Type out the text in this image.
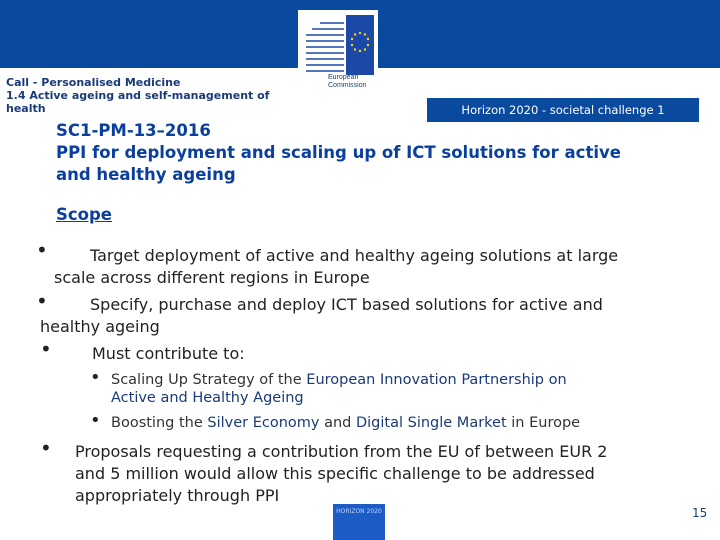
European
Commission
Call - Personalised Medicine
1.4 Active ageing and self-management of
health	Horizon 2020 - societal challenge 1
SC1-PM-13–2016
PPI for deployment and scaling up of ICT solutions for active
and healthy ageing
Scope
•	Target deployment of active and healthy ageing solutions at large
scale across different regions in Europe
•	Specify, purchase and deploy ICT based solutions for active and
healthy ageing
•	Must contribute to:
• Scaling Up Strategy of the European Innovation Partnership on
Active and Healthy Ageing
• Boosting the Silver Economy and Digital Single Market in Europe
• Proposals requesting a contribution from the EU of between EUR 2
and 5 million would allow this specific challenge to be addressed
appropriately through PPI
HORIZON 2020	15
